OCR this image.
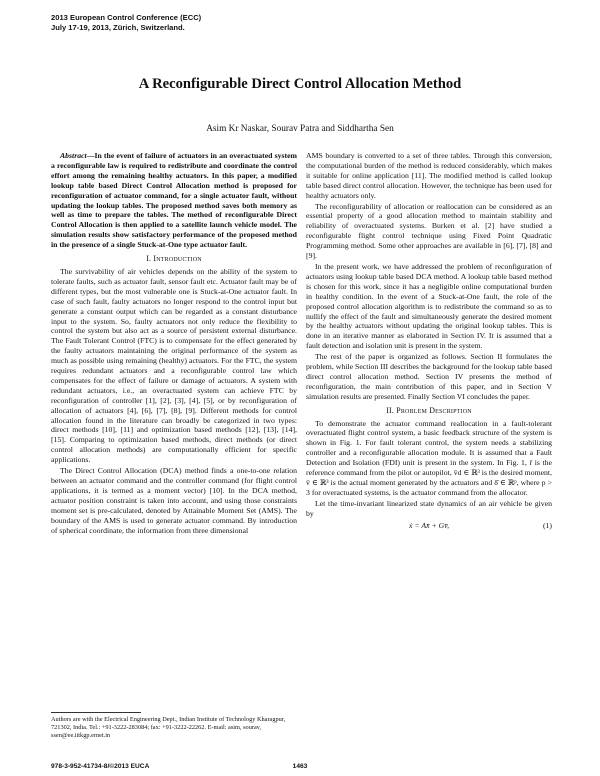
2013 European Control Conference (ECC)
July 17-19, 2013, Zürich, Switzerland.
A Reconfigurable Direct Control Allocation Method
Asim Kr Naskar, Sourav Patra and Siddhartha Sen

Abstract—In the event of failure of actuators in an overactuated system a reconfigurable law is required to redistribute and coordinate the control effort among the remaining healthy actuators. In this paper, a modified lookup table based Direct Control Allocation method is proposed for reconfiguration of actuator command, for a single actuator fault, without updating the lookup tables. The proposed method saves both memory as well as time to prepare the tables. The method of reconfigurable Direct Control Allocation is then applied to a satellite launch vehicle model. The simulation results show satisfactory performance of the proposed method in the presence of a single Stuck-at-One type actuator fault.

I. Introduction

The survivability of air vehicles depends on the ability of the system to tolerate faults, such as actuator fault, sensor fault etc. Actuator fault may be of different types, but the most vulnerable one is Stuck-at-One actuator fault. In case of such fault, faulty actuators no longer respond to the control input but generate a constant output which can be regarded as a constant disturbance input to the system. So, faulty actuators not only reduce the flexibility to control the system but also act as a source of persistent external disturbance. The Fault Tolerant Control (FTC) is to compensate for the effect generated by the faulty actuators maintaining the original performance of the system as much as possible using remaining (healthy) actuators. For the FTC, the system requires redundant actuators and a reconfigurable control law which compensates for the effect of failure or damage of actuators. A system with redundant actuators, i.e., an overactuated system can achieve FTC by reconfiguration of controller [1], [2], [3], [4], [5], or by reconfiguration of allocation of actuators [4], [6], [7], [8], [9]. Different methods for control allocation found in the literature can broadly be categorized in two types: direct methods [10], [11] and optimization based methods [12], [13], [14], [15]. Comparing to optimization based methods, direct methods (or direct control allocation methods) are computationally efficient for specific applications.

The Direct Control Allocation (DCA) method finds a one-to-one relation between an actuator command and the controller command (for flight control applications, it is termed as a moment vector) [10]. In the DCA method, actuator position constraint is taken into account, and using those constraints moment set is pre-calculated, denoted by Attainable Moment Set (AMS). The boundary of the AMS is used to generate actuator command. By introduction of spherical coordinate, the information from three dimensional

AMS boundary is converted to a set of three tables. Through this conversion, the computational burden of the method is reduced considerably, which makes it suitable for online application [11]. The modified method is called lookup table based direct control allocation. However, the technique has been used for healthy actuators only.

The reconfigurability of allocation or reallocation can be considered as an essential property of a good allocation method to maintain stability and reliability of overactuated systems. Burken et al. [2] have studied a reconfigurable flight control technique using Fixed Point Quadratic Programming method. Some other approaches are available in [6], [7], [8] and [9].

In the present work, we have addressed the problem of reconfiguration of actuators using lookup table based DCA method. A lookup table based method is chosen for this work, since it has a negligible online computational burden in healthy condition. In the event of a Stuck-at-One fault, the role of the proposed control allocation algorithm is to redistribute the command so as to nullify the effect of the fault and simultaneously generate the desired moment by the healthy actuators without updating the original lookup tables. This is done in an iterative manner as elaborated in Section IV. It is assumed that a fault detection and isolation unit is present in the system.

The rest of the paper is organized as follows. Section II formulates the problem, while Section III describes the background for the lookup table based direct control allocation method. Section IV presents the method of reconfiguration, the main contribution of this paper, and in Section V simulation results are presented. Finally Section VI concludes the paper.

II. Problem Description

To demonstrate the actuator command reallocation in a fault-tolerant overactuated flight control system, a basic feedback structure of the system is shown in Fig. 1. For fault tolerant control, the system needs a stabilizing controller and a reconfigurable allocation module. It is assumed that a Fault Detection and Isolation (FDI) unit is present in the system. In Fig. 1, r̄ is the reference command from the pilot or autopilot, v̄d ∈ ℝ³ is the desired moment, v̄ ∈ ℝ³ is the actual moment generated by the actuators and δ̄ ∈ ℝᵖ, where p > 3 for overactuated systems, is the actuator command from the allocator.

Let the time-invariant linearized state dynamics of an air vehicle be given by

ẋ = Ax̄ + Gv̄,	(1)
Authors are with the Electrical Engineering Dept., Indian Institute of Technology Kharagpur, 721302, India. Tel.: +91-3222-283084; fax: +91-3222-22262. E-mail: asim, sourav, ssen@ee.iitkgp.ernet.in
978-3-952-41734-8/©2013 EUCA	1463
